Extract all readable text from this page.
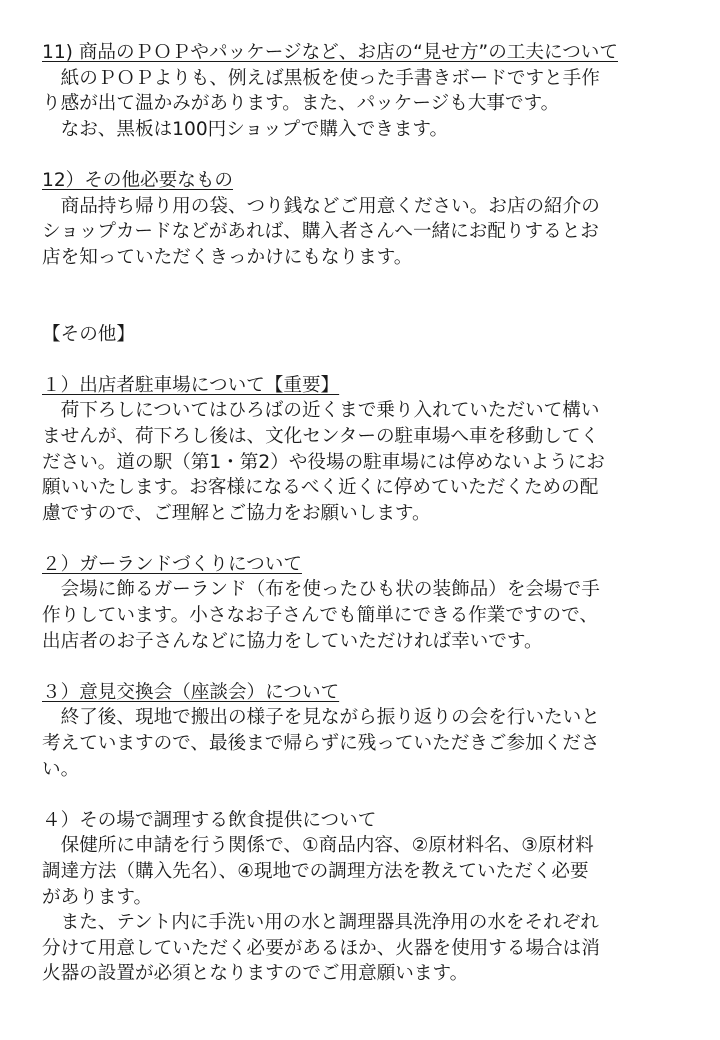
11) 商品のＰＯＰやパッケージなど、お店の“見せ方”の工夫について
　紙のＰＯＰよりも、例えば黒板を使った手書きボードですと手作
り感が出て温かみがあります。また、パッケージも大事です。
　なお、黒板は100円ショップで購入できます。
12）その他必要なもの
　商品持ち帰り用の袋、つり銭などご用意ください。お店の紹介の
ショップカードなどがあれば、購入者さんへ一緒にお配りするとお
店を知っていただくきっかけにもなります。
【その他】
１）出店者駐車場について【重要】
　荷下ろしについてはひろばの近くまで乗り入れていただいて構い
ませんが、荷下ろし後は、文化センターの駐車場へ車を移動してく
ださい。道の駅（第1・第2）や役場の駐車場には停めないようにお
願いいたします。お客様になるべく近くに停めていただくための配
慮ですので、ご理解とご協力をお願いします。
２）ガーランドづくりについて
　会場に飾るガーランド（布を使ったひも状の装飾品）を会場で手
作りしています。小さなお子さんでも簡単にできる作業ですので、
出店者のお子さんなどに協力をしていただければ幸いです。
３）意見交換会（座談会）について
　終了後、現地で搬出の様子を見ながら振り返りの会を行いたいと
考えていますので、最後まで帰らずに残っていただきご参加くださ
い。
４）その場で調理する飲食提供について
　保健所に申請を行う関係で、①商品内容、②原材料名、③原材料
調達方法（購入先名）、④現地での調理方法を教えていただく必要
があります。
　また、テント内に手洗い用の水と調理器具洗浄用の水をそれぞれ
分けて用意していただく必要があるほか、火器を使用する場合は消
火器の設置が必須となりますのでご用意願います。
